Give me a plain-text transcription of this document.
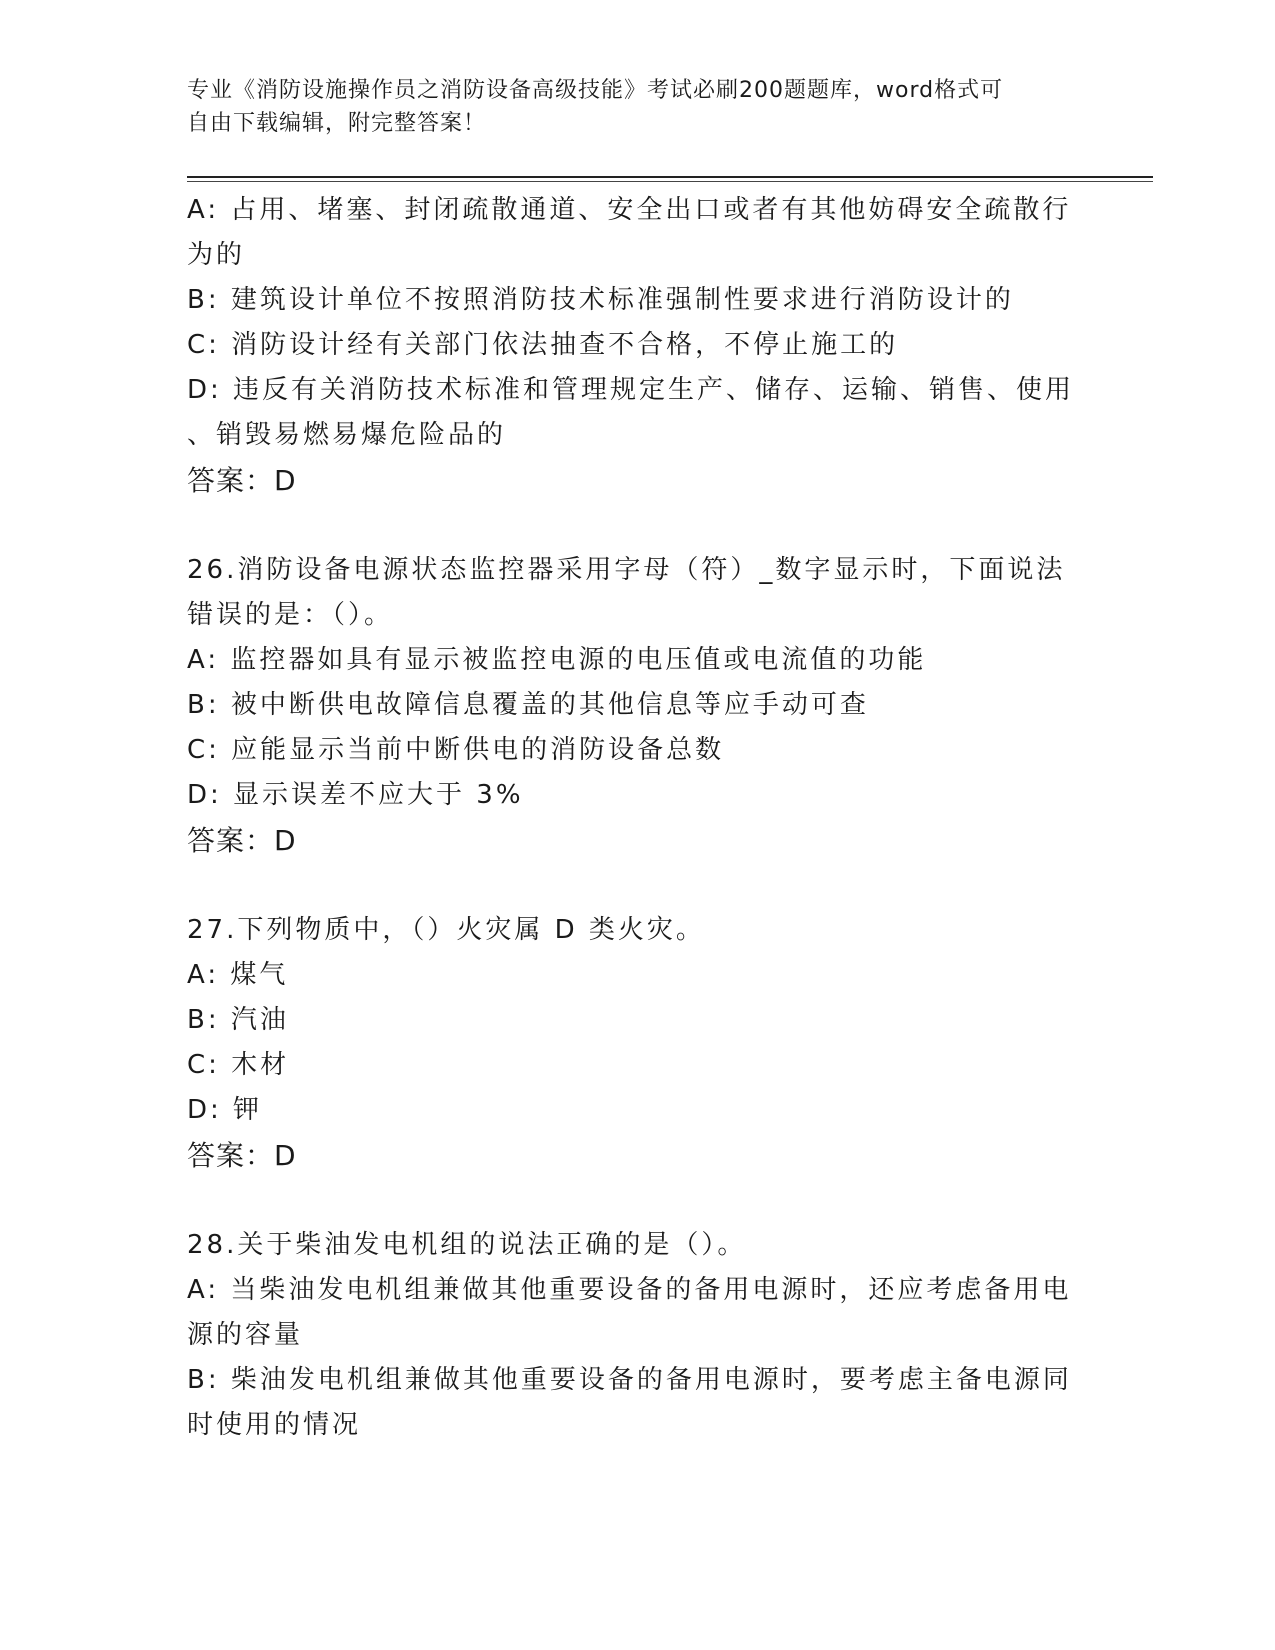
专业《消防设施操作员之消防设备高级技能》考试必刷200题题库，word格式可

自由下载编辑，附完整答案！

A: 占用、堵塞、封闭疏散通道、安全出口或者有其他妨碍安全疏散行

为的

B: 建筑设计单位不按照消防技术标准强制性要求进行消防设计的

C: 消防设计经有关部门依法抽查不合格，不停止施工的

D: 违反有关消防技术标准和管理规定生产、储存、运输、销售、使用

、销毁易燃易爆危险品的

答案：D

26.消防设备电源状态监控器采用字母（符）_数字显示时，下面说法

错误的是：（）。

A: 监控器如具有显示被监控电源的电压值或电流值的功能

B: 被中断供电故障信息覆盖的其他信息等应手动可查

C: 应能显示当前中断供电的消防设备总数

D: 显示误差不应大于 3%

答案：D

27.下列物质中，（）火灾属 D 类火灾。

A: 煤气

B: 汽油

C: 木材

D: 钾

答案：D

28.关于柴油发电机组的说法正确的是（）。

A: 当柴油发电机组兼做其他重要设备的备用电源时，还应考虑备用电

源的容量

B: 柴油发电机组兼做其他重要设备的备用电源时，要考虑主备电源同

时使用的情况
